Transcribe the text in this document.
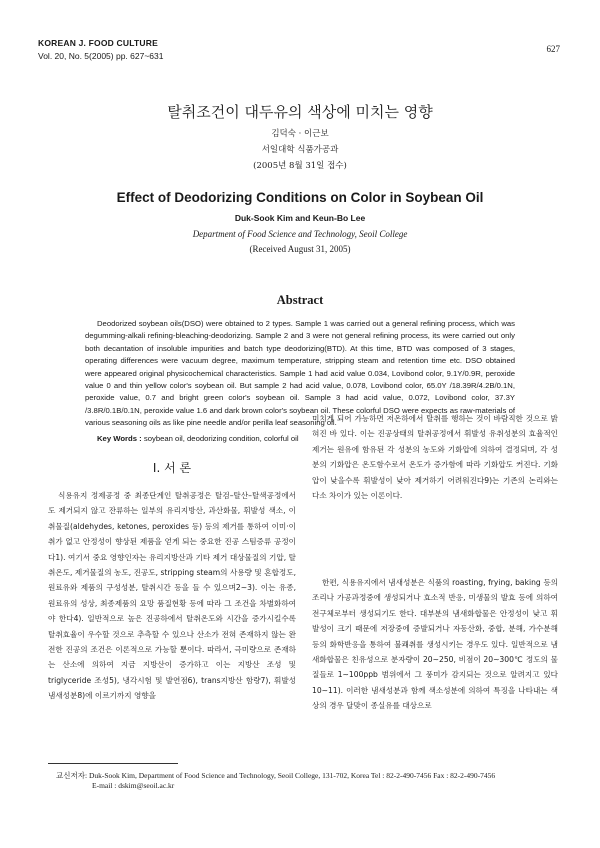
KOREAN J. FOOD CULTURE
Vol. 20, No. 5(2005) pp. 627~631
627
탈취조건이 대두유의 색상에 미치는 영향
김덕숙 · 이근보
서일대학 식품가공과
(2005년 8월 31일 접수)
Effect of Deodorizing Conditions on Color in Soybean Oil
Duk-Sook Kim and Keun-Bo Lee
Department of Food Science and Technology, Seoil College
(Received August 31, 2005)
Abstract

Deodorized soybean oils(DSO) were obtained to 2 types. Sample 1 was carried out a general refining process, which was degumming-alkali refining-bleaching-deodorizing. Sample 2 and 3 were not general refining process, its were carried out only both decantation of insoluble impurities and batch type deodorizing(BTD). At this time, BTD was composed of 3 stages, operating differences were vacuum degree, maximum temperature, stripping steam and retention time etc. DSO obtained were appeared original physicochemical characteristics. Sample 1 had acid value 0.034, Lovibond color, 9.1Y/0.9R, peroxide value 0 and thin yellow color's soybean oil. But sample 2 had acid value, 0.078, Lovibond color, 65.0Y /18.39R/4.2B/0.1N, peroxide value, 0.7 and bright green color's soybean oil. Sample 3 had acid value, 0.072, Lovibond color, 37.3Y /3.8R/0.1B/0.1N, peroxide value 1.6 and dark brown color's soybean oil. These colorful DSO were expects as raw-materials of various seasoning oils as like pine needle and/or perilla leaf seasoning oil.

Key Words : soybean oil, deodorizing condition, colorful oil
I. 서 론

식용유지 정제공정 중 최종단계인 탈취공정은 탈검–탈산–탈색공정에서도 제거되지 않고 잔류하는 일부의 유리지방산, 과산화물, 휘발성 색소, 이취물질(aldehydes, ketones, peroxides 등) 등의 제거를 통하여 이미·이취가 없고 안정성이 향상된 제품을 얻게 되는 중요한 진공 스팀증류 공정이다1). 여기서 중요 영향인자는 유리지방산과 기타 제거 대상물질의 기압, 탈취온도, 제거물질의 농도, 진공도, stripping steam의 사용량 및 혼합정도, 원료유와 제품의 구성성분, 탈취시간 등을 들 수 있으며2~3). 이는 유종, 원료유의 성상, 최종제품의 요망 품질현황 등에 따라 그 조건을 차별화하여야 한다4). 일반적으로 높은 진공하에서 탈취온도와 시간을 증가시킬수록 탈취효율이 우수할 것으로 추측할 수 있으나 산소가 전혀 존재하지 않는 완전한 진공의 조건은 이론적으로 가능할 뿐이다. 따라서, 극미량으로 존재하는 산소에 의하여 지금 지방산이 증가하고 이는 지방산 조성 및 triglyceride 조성5), 냉각시험 및 발연점6), trans지방산 함량7), 휘발성 냄새성분8)에 이르기까지 영향을

미치게 되어 가능하면 저온하에서 탈취를 행하는 것이 바람직한 것으로 밝혀진 바 있다. 이는 진공상태의 탈취공정에서 휘발성 유취성분의 효율적인 제거는 원유에 함유된 각 성분의 농도와 기화압에 의하여 결정되며, 각 성분의 기화압은 온도함수로서 온도가 증가함에 따라 기화압도 커진다. 기화압이 낮을수록 휘발성이 낮아 제거하기 어려워진다9)는 기존의 논리와는 다소 차이가 있는 이론이다.

한편, 식용유지에서 냄새성분은 식품의 roasting, frying, baking 등의 조리나 가공과정중에 생성되거나 효소적 반응, 미생물의 발효 등에 의하여 전구체로부터 생성되기도 한다. 대부분의 냄새화합물은 안정성이 낮고 휘발성이 크기 때문에 저장중에 증발되거나 자동산화, 중합, 분해, 가수분해 등의 화학반응을 통하여 불쾌취를 생성시키는 경우도 있다. 일반적으로 냄새화합물은 친유성으로 분자량이 20~250, 비점이 20~300℃ 정도의 물질들로 1~100ppb 범위에서 그 풍미가 감지되는 것으로 알려지고 있다10~11). 이러한 냄새성분과 함께 색소성분에 의하여 특징을 나타내는 색상의 경우 달맞이 종실유를 대상으로

교신저자: Duk-Sook Kim, Department of Food Science and Technology, Seoil College, 131-702, Korea Tel : 82-2-490-7456 Fax : 82-2-490-7456
E-mail : dskim@seoil.ac.kr
